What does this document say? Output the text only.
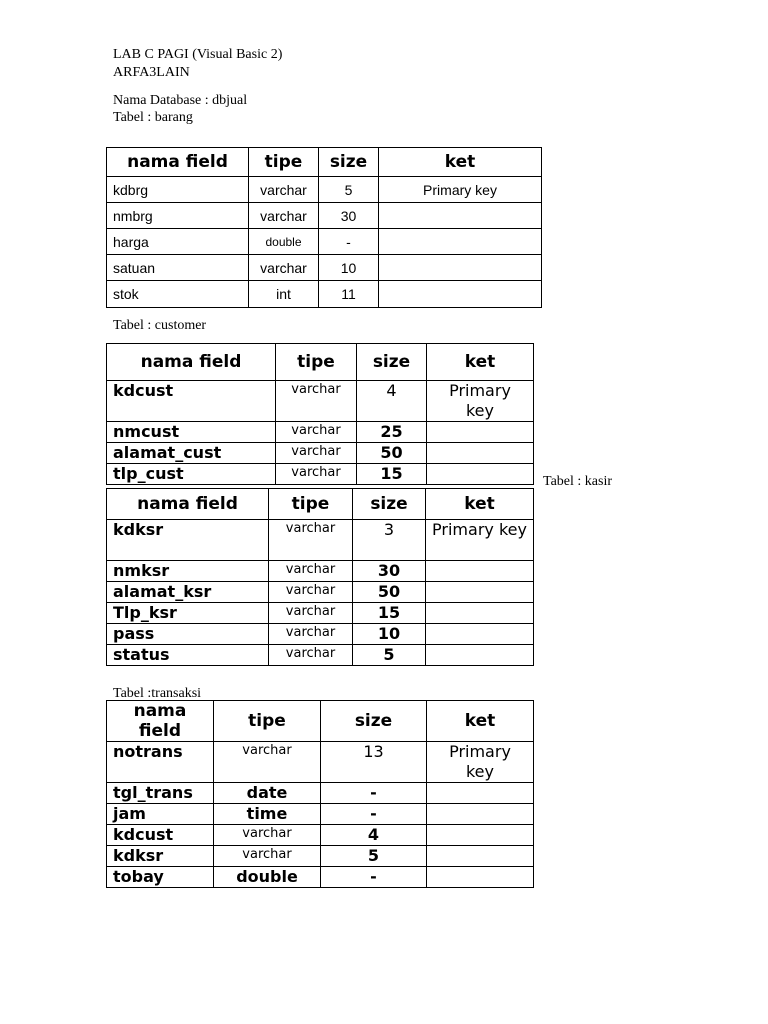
LAB C PAGI (Visual Basic 2)
ARFA3LAIN
Nama Database : dbjual
Tabel : barang
nama field	tipe	size	ket
kdbrg	varchar	5	Primary key
nmbrg	varchar	30	
harga	double	-	
satuan	varchar	10	
stok	int	11	
Tabel : customer
nama field	tipe	size	ket
kdcust	varchar	4	Primary key
nmcust	varchar	25	
alamat_cust	varchar	50	
tlp_cust	varchar	15		Tabel : kasir
nama field	tipe	size	ket
kdksr	varchar	3	Primary key
nmksr	varchar	30	
alamat_ksr	varchar	50	
Tlp_ksr	varchar	15	
pass	varchar	10	
status	varchar	5	
Tabel :transaksi
nama field	tipe	size	ket
notrans	varchar	13	Primary key
tgl_trans	date	-	
jam	time	-	
kdcust	varchar	4	
kdksr	varchar	5	
tobay	double	-	
